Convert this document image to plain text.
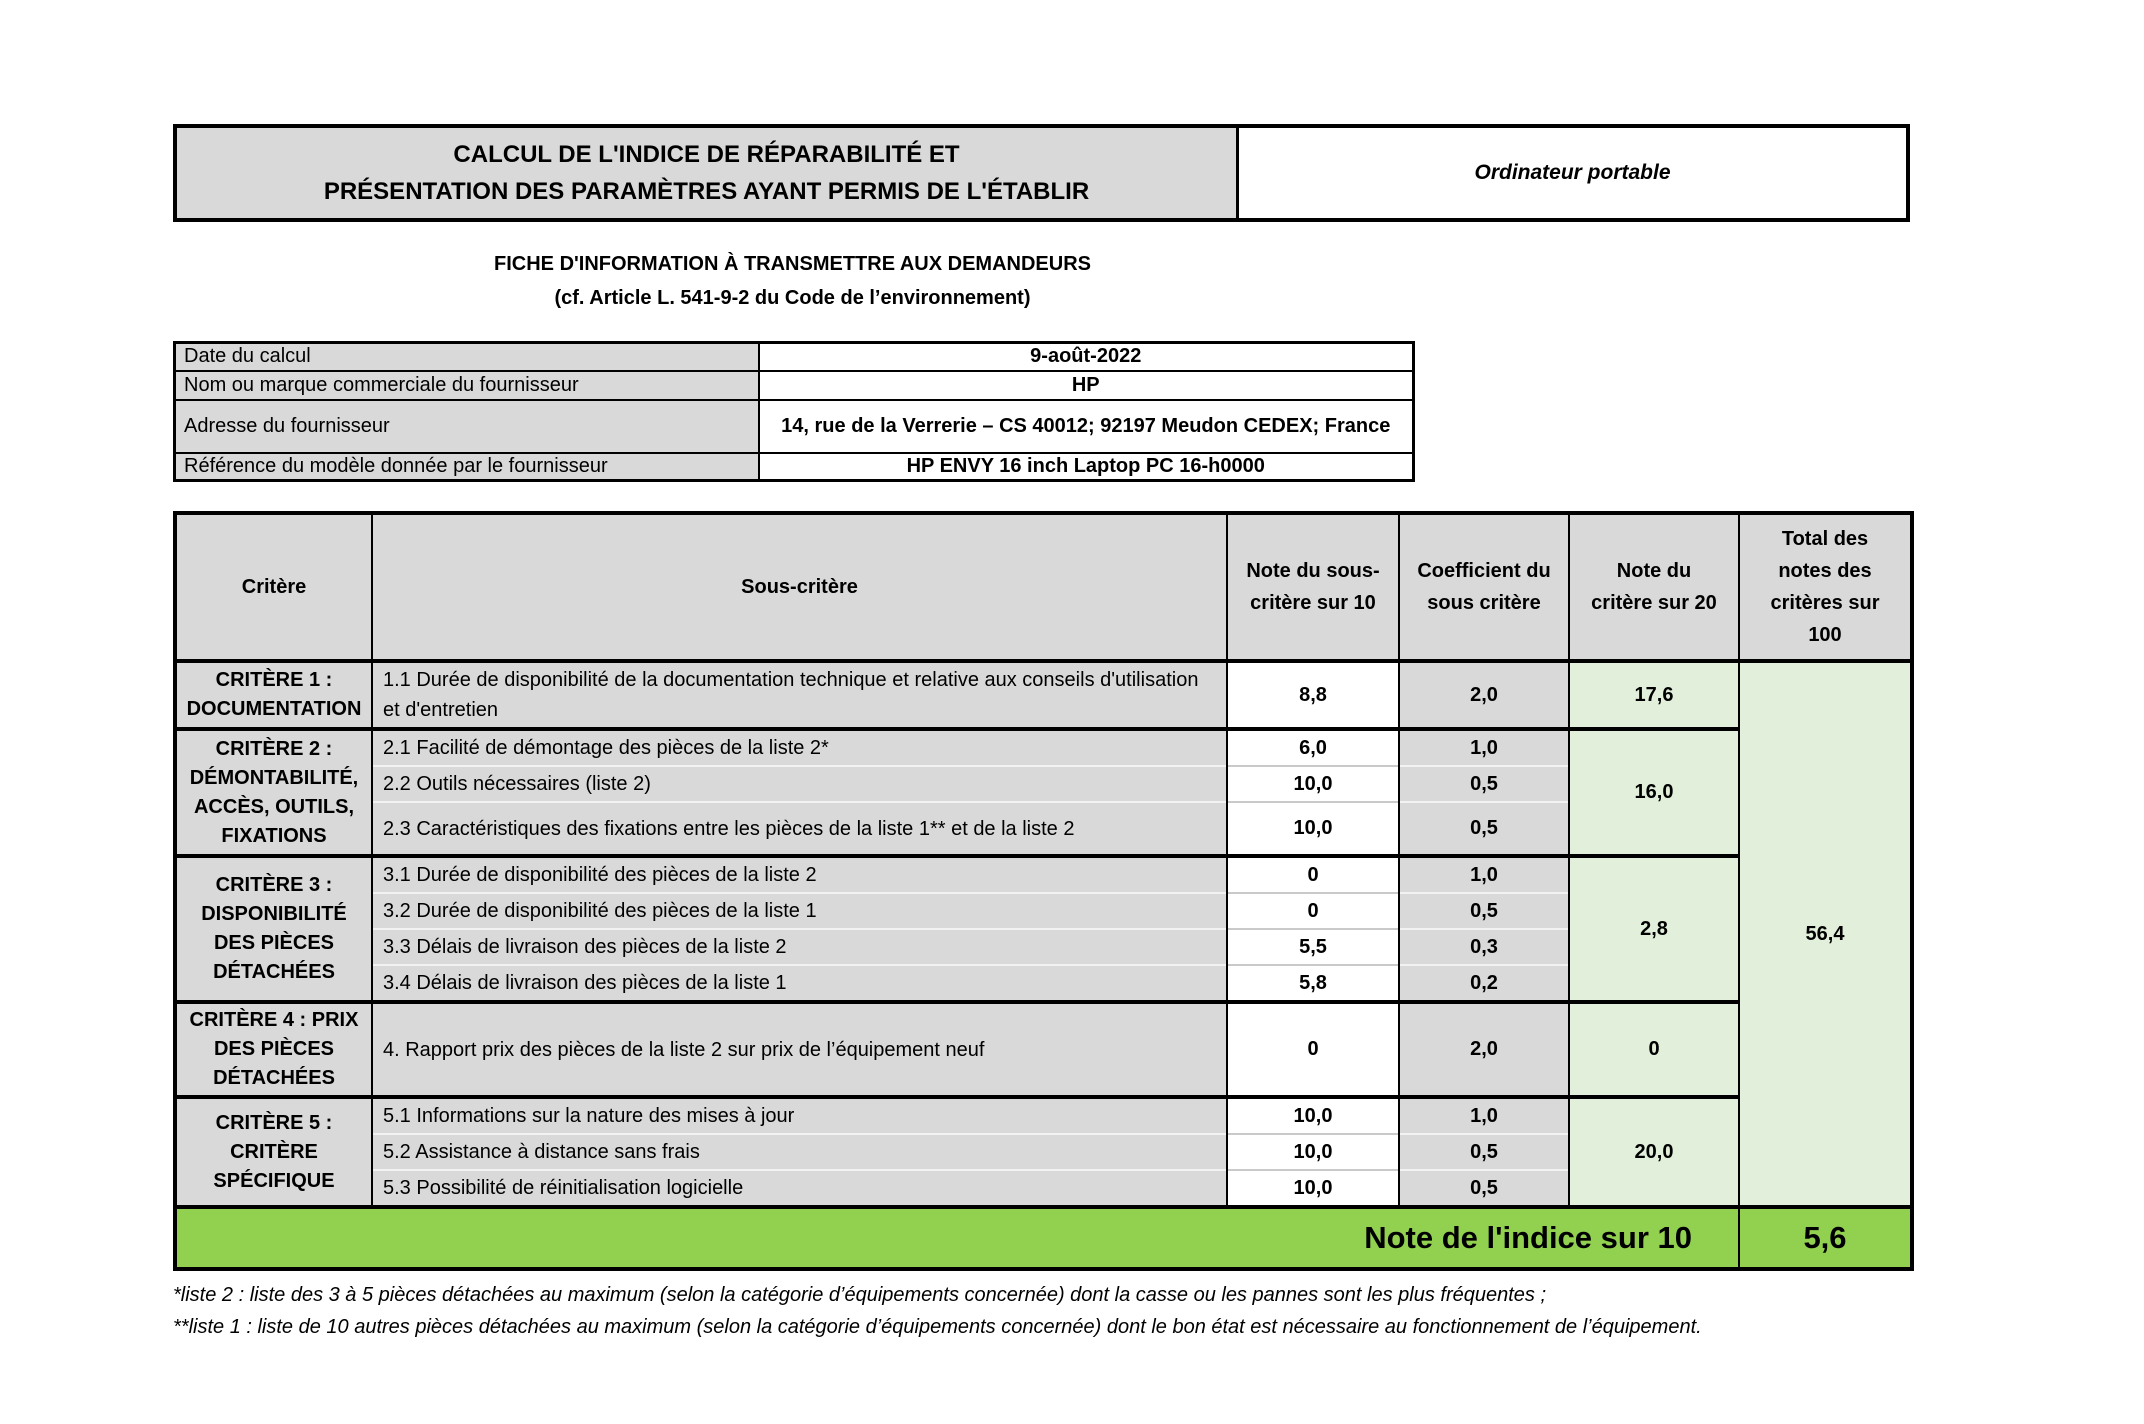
CALCUL DE L'INDICE DE RÉPARABILITÉ ET
PRÉSENTATION DES PARAMÈTRES AYANT PERMIS DE L'ÉTABLIR
Ordinateur portable
FICHE D'INFORMATION À TRANSMETTRE AUX DEMANDEURS
(cf. Article L. 541-9-2 du Code de l’environnement)
Date du calcul	9-août-2022
Nom ou marque commerciale du fournisseur	HP
Adresse du fournisseur	14, rue de la Verrerie – CS 40012; 92197 Meudon CEDEX; France
Référence du modèle donnée par le fournisseur	HP ENVY 16 inch Laptop PC 16-h0000
Critère	Sous-critère	Note du sous-critère sur 10	Coefficient du sous critère	Note du critère sur 20	Total des notes des critères sur 100
CRITÈRE 1 : DOCUMENTATION	1.1 Durée de disponibilité de la documentation technique et relative aux conseils d'utilisation et d'entretien	8,8	2,0	17,6	56,4
CRITÈRE 2 : DÉMONTABILITÉ, ACCÈS, OUTILS, FIXATIONS	2.1 Facilité de démontage des pièces de la liste 2*	6,0	1,0	16,0	
	2.2 Outils nécessaires (liste 2)	10,0	0,5		
	2.3 Caractéristiques des fixations entre les pièces de la liste 1** et de la liste 2	10,0	0,5		
CRITÈRE 3 : DISPONIBILITÉ DES PIÈCES DÉTACHÉES	3.1 Durée de disponibilité des pièces de la liste 2	0	1,0	2,8	
	3.2 Durée de disponibilité des pièces de la liste 1	0	0,5		
	3.3 Délais de livraison des pièces de la liste 2	5,5	0,3		
	3.4 Délais de livraison des pièces de la liste 1	5,8	0,2		
CRITÈRE 4 : PRIX DES PIÈCES DÉTACHÉES	4. Rapport prix des pièces de la liste 2 sur prix de l’équipement neuf	0	2,0	0	
CRITÈRE 5 : CRITÈRE SPÉCIFIQUE	5.1 Informations sur la nature des mises à jour	10,0	1,0	20,0	
	5.2 Assistance à distance sans frais	10,0	0,5		
	5.3 Possibilité de réinitialisation logicielle	10,0	0,5		
Note de l'indice sur 10					5,6
*liste 2 : liste des 3 à 5 pièces détachées au maximum (selon la catégorie d’équipements concernée) dont la casse ou les pannes sont les plus fréquentes ;
**liste 1 : liste de 10 autres pièces détachées au maximum (selon la catégorie d’équipements concernée) dont le bon état est nécessaire au fonctionnement de l’équipement.
